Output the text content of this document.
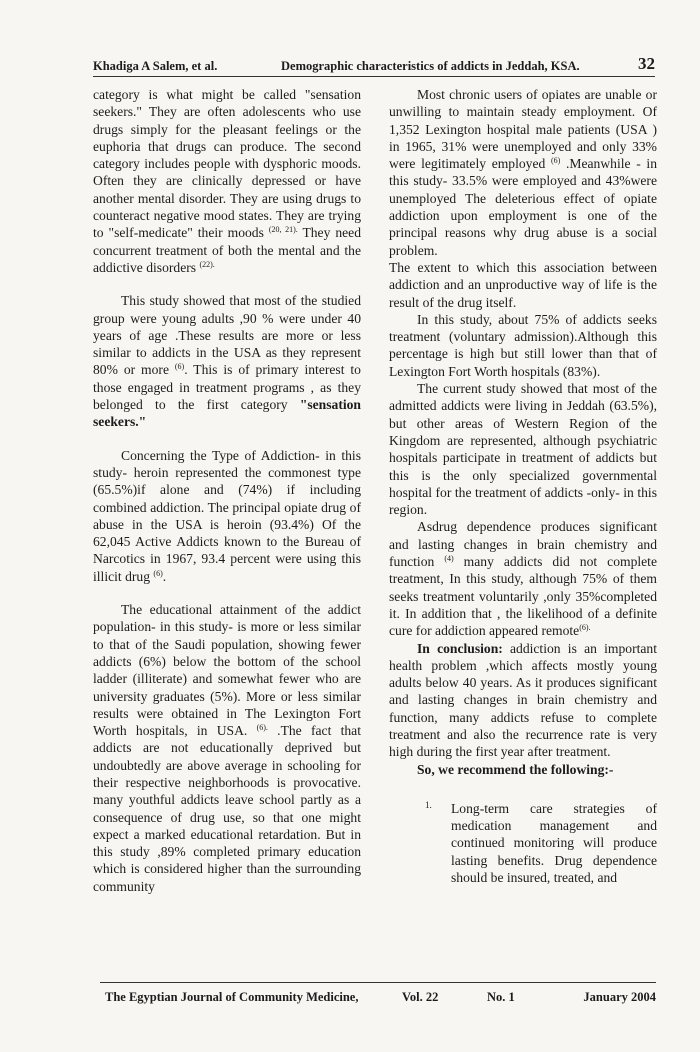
Khadiga A Salem, et al.	Demographic characteristics of addicts in Jeddah, KSA.	32

category is what might be called "sensation seekers." They are often adolescents who use drugs simply for the pleasant feelings or the euphoria that drugs can produce. The second category includes people with dysphoric moods. Often they are clinically depressed or have another mental disorder. They are using drugs to counteract negative mood states. They are trying to "self-medicate" their moods $^{(20, 21).}$ They need concurrent treatment of both the mental and the addictive disorders $^{(22).}$

This study showed that most of the studied group were young adults ,90 % were under 40 years of age .These results are more or less similar to addicts in the USA as they represent 80% or more $^{(6)}$. This is of primary interest to those engaged in treatment programs , as they belonged to the first category "sensation seekers."

Concerning the Type of Addiction- in this study- heroin represented the commonest type (65.5%)if alone and (74%) if including combined addiction. The principal opiate drug of abuse in the USA is heroin (93.4%) Of the 62,045 Active Addicts known to the Bureau of Narcotics in 1967, 93.4 percent were using this illicit drug $^{(6)}$.

The educational attainment of the addict population- in this study- is more or less similar to that of the Saudi population, showing fewer addicts (6%) below the bottom of the school ladder (illiterate) and somewhat fewer who are university graduates (5%). More or less similar results were obtained in The Lexington Fort Worth hospitals, in USA. $^{(6).}$ .The fact that addicts are not educationally deprived but undoubtedly are above average in schooling for their respective neighborhoods is provocative. many youthful addicts leave school partly as a consequence of drug use, so that one might expect a marked educational retardation. But in this study ,89% completed primary education which is considered higher than the surrounding community

Most chronic users of opiates are unable or unwilling to maintain steady employment. Of 1,352 Lexington hospital male patients (USA ) in 1965, 31% were unemployed and only 33% were legitimately employed $^{(6)}$ .Meanwhile - in this study- 33.5% were employed and 43%were unemployed The deleterious effect of opiate addiction upon employment is one of the principal reasons why drug abuse is a social problem.

The extent to which this association between addiction and an unproductive way of life is the result of the drug itself.

In this study, about 75% of addicts seeks treatment (voluntary admission).Although this percentage is high but still lower than that of Lexington Fort Worth hospitals (83%).

The current study showed that most of the admitted addicts were living in Jeddah (63.5%), but other areas of Western Region of the Kingdom are represented, although psychiatric hospitals participate in treatment of addicts but this is the only specialized governmental hospital for the treatment of addicts -only- in this region.

Asdrug dependence produces significant and lasting changes in brain chemistry and function $^{(4)}$ many addicts did not complete treatment, In this study, although 75% of them seeks treatment voluntarily ,only 35%completed it. In addition that , the likelihood of a definite cure for addiction appeared remote$^{(6).}$

In conclusion: addiction is an important health problem ,which affects mostly young adults below 40 years. As it produces significant and lasting changes in brain chemistry and function, many addicts refuse to complete treatment and also the recurrence rate is very high during the first year after treatment.

So, we recommend the following:-

1. Long-term care strategies of medication management and continued monitoring will produce lasting benefits. Drug dependence should be insured, treated, and
The Egyptian Journal of Community Medicine,	Vol. 22	No. 1	January 2004
